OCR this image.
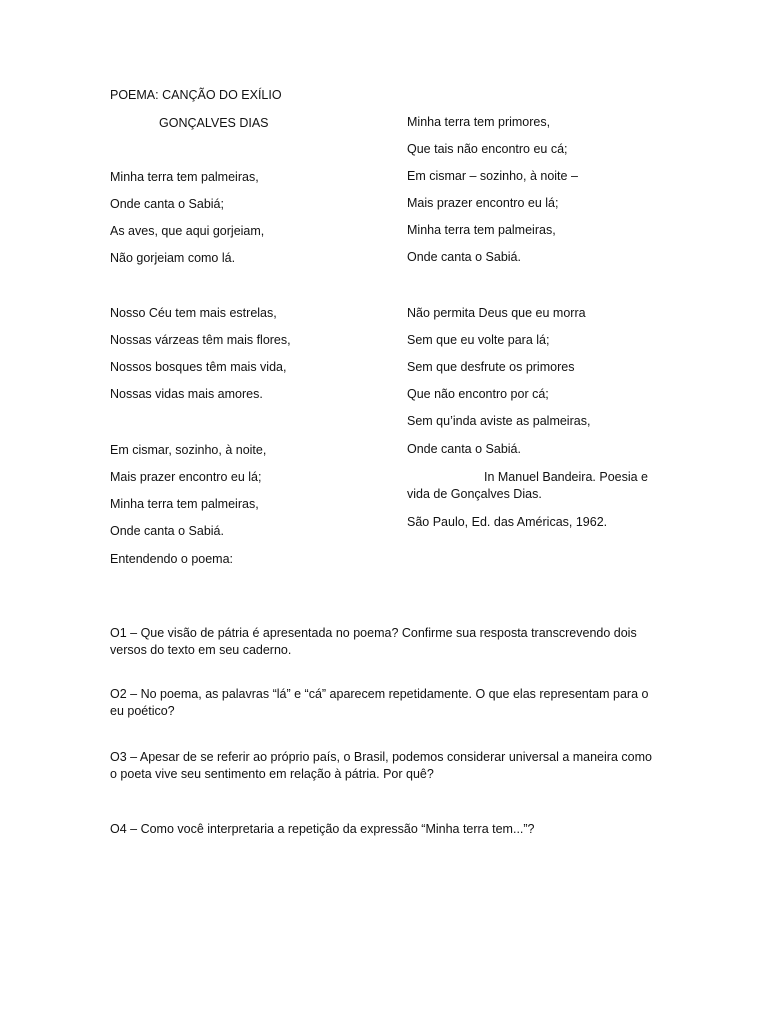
POEMA: CANÇÃO DO EXÍLIO
GONÇALVES DIAS
Minha terra tem palmeiras,
Onde canta o Sabiá;
As aves, que aqui gorjeiam,
Não gorjeiam como lá.
Nosso Céu tem mais estrelas,
Nossas várzeas têm mais flores,
Nossos bosques têm mais vida,
Nossas vidas mais amores.
Em cismar, sozinho, à noite,
Mais prazer encontro eu lá;
Minha terra tem palmeiras,
Onde canta o Sabiá.
Entendendo o poema:
Minha terra tem primores,
Que tais não encontro eu cá;
Em cismar – sozinho, à noite –
Mais prazer encontro eu lá;
Minha terra tem palmeiras,
Onde canta o Sabiá.
Não permita Deus que eu morra
Sem que eu volte para lá;
Sem que desfrute os primores
Que não encontro por cá;
Sem qu’inda aviste as palmeiras,
Onde canta o Sabiá.
In Manuel Bandeira. Poesia e vida de Gonçalves Dias.
São Paulo, Ed. das Américas, 1962.
O1 – Que visão de pátria é apresentada no poema? Confirme sua resposta transcrevendo dois versos do texto em seu caderno.
O2 – No poema, as palavras “lá” e “cá” aparecem repetidamente. O que elas representam para o eu poético?
O3 – Apesar de se referir ao próprio país, o Brasil, podemos considerar universal a maneira como o poeta vive seu sentimento em relação à pátria. Por quê?
O4 – Como você interpretaria a repetição da expressão “Minha terra tem...”?
